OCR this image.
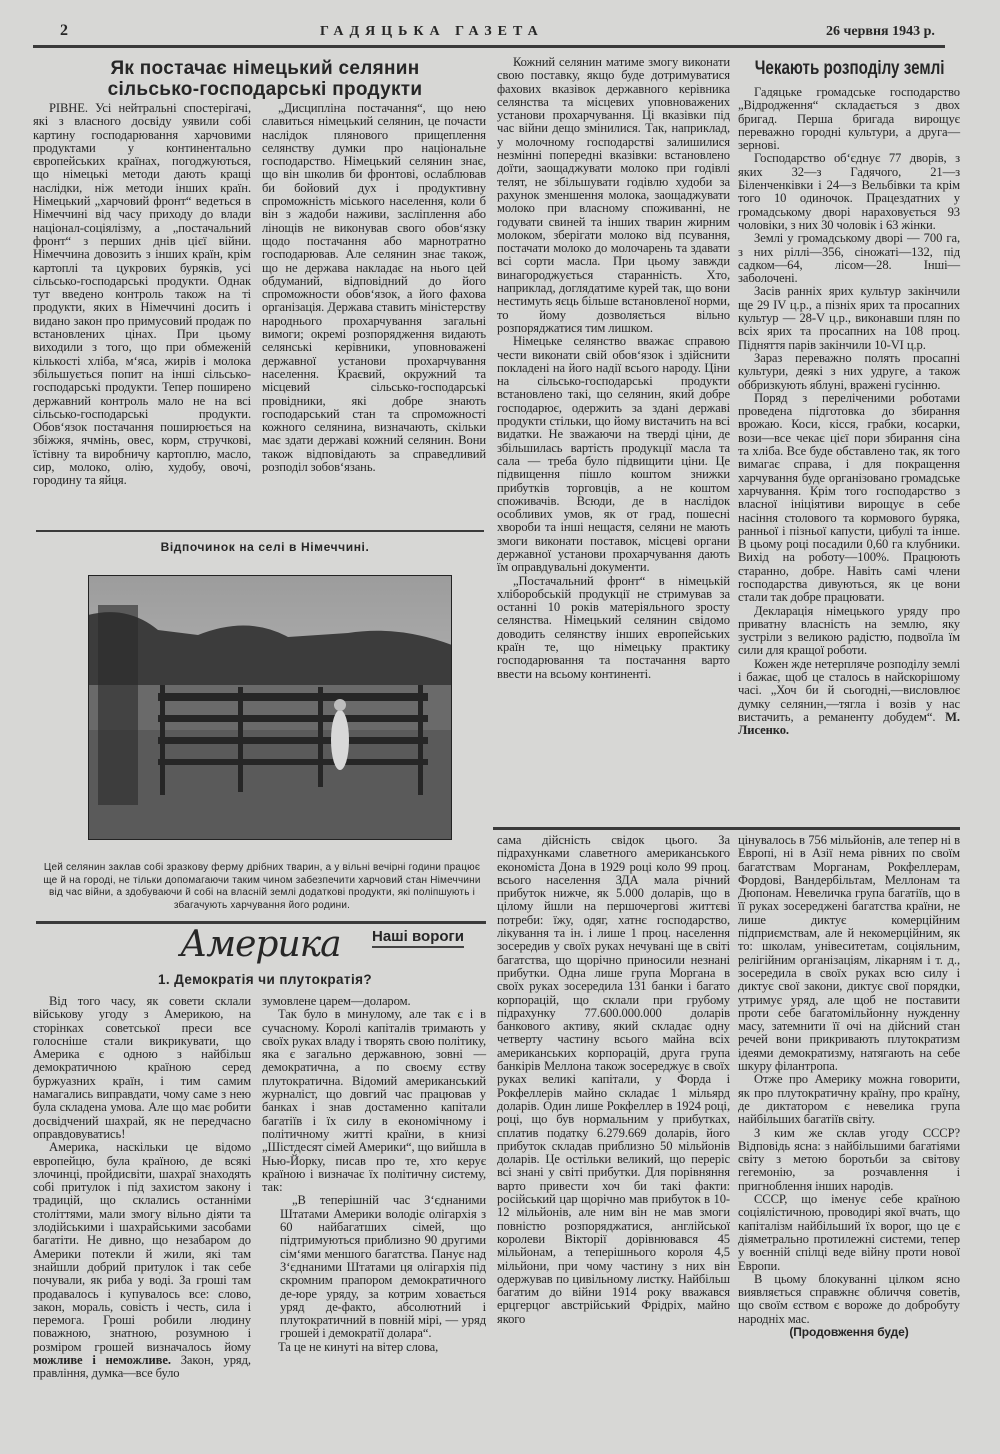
2	ГАДЯЦЬКА ГАЗЕТА	26 червня 1943 р.
Як постачає німецький селянин
сільсько-господарські продукти

РІВНЕ. Усі нейтральні спостерігачі, які з власного досвіду уявили собі картину господарювання харчовими продуктами у континентально європейських країнах, погоджуються, що німецькі методи дають кращі наслідки, ніж методи інших країн. Німецький „харчовий фронт“ ведеться в Німеччині від часу приходу до влади націонал-соціялізму, а „постачальний фронт“ з перших днів цієї війни. Німеччина довозить з інших країн, крім картоплі та цукрових буряків, усі сільсько-господарські продукти. Однак тут введено контроль також на ті продукти, яких в Німеччині досить і видано закон про примусовий продаж по встановлених цінах. При цьому виходили з того, що при обмеженій кількості хліба, м‘яса, жирів і молока збільшується попит на інші сільсько-господарські продукти. Тепер поширено державний контроль мало не на всі сільсько-господарські продукти. Обов‘язок постачання поширюється на збіжжя, ячмінь, овес, корм, стручкові, їстівну та виробничу картоплю, масло, сир, молоко, олію, худобу, овочі, городину та яйця.

„Дисципліна постачання“, що нею славиться німецький селянин, це почасти наслідок плянового прищеплення селянству думки про національне господарство. Німецький селянин знає, що він школив би фронтові, ослаблював би бойовий дух і продуктивну спроможність міського населення, коли б він з жадоби наживи, засліплення або лінощів не виконував свого обов‘язку щодо постачання або марнотратно господарював. Але селянин знає також, що не держава накладає на нього цей обдуманий, відповідний до його спроможности обов‘язок, а його фахова організація. Держава ставить міністерству народнього прохарчування загальні вимоги; окремі розпорядження видають селянські керівники, уповноважені державної установи прохарчування населення. Краєвий, окружний та місцевий сільсько-господарські провідники, які добре знають господарський стан та спроможності кожного селянина, визначають, скільки має здати державі кожний селянин. Вони також відповідають за справедливий розподіл зобов‘язань.

Кожний селянин матиме змогу виконати свою поставку, якщо буде дотримуватися фахових вказівок державного керівника селянства та місцевих уповноважених установи прохарчування. Ці вказівки під час війни дещо змінилися. Так, наприклад, у молочному господарстві залишилися незмінні попередні вказівки: встановлено доїти, заощаджувати молоко при годівлі телят, не збільшувати годівлю худоби за рахунок зменшення молока, заощаджувати молоко при власному споживанні, не годувати свиней та інших тварин жирним молоком, зберігати молоко від псування, постачати молоко до молочарень та здавати всі сорти масла. При цьому завжди винагороджується старанність. Хто, наприклад, доглядатиме курей так, що вони нестимуть яєць більше встановленої норми, то йому дозволяється вільно розпоряджатися тим лишком.

Німецьке селянство вважає справою чести виконати свій обов‘язок і здійснити покладені на його надії всього народу. Ціни на сільсько-господарські продукти встановлено такі, що селянин, який добре господарює, одержить за здані державі продукти стільки, що йому вистачить на всі видатки. Не зважаючи на тверді ціни, де збільшилась вартість продукції масла та сала — треба було підвищити ціни. Це підвищення пішло коштом знижки прибутків торговців, а не коштом споживачів. Всюди, де в наслідок особливих умов, як от град, пошесні хвороби та інші нещастя, селяни не мають змоги виконати поставок, місцеві органи державної установи прохарчування дають їм оправдувальні документи.

„Постачальний фронт“ в німецькій хліборобській продукції не стримував за останні 10 років матеріяльного зросту селянства. Німецький селянин свідомо доводить селянству інших европейських країн те, що німецьку практику господарювання та постачання варто ввести на всьому континенті.

Відпочинок на селі в Німеччині.
Цей селянин заклав собі зразкову ферму дрібних тварин, а у вільні вечірні години працює ще й на городі, не тільки допомагаючи таким чином забезпечити харчовий стан Німеччини від час війни, а здобуваючи й собі на власній землі додаткові продукти, які поліпшують і збагачують харчування його родини.
Америка Наші вороги
1. Демократія чи плутократія?

Від того часу, як совети склали військову угоду з Америкою, на сторінках советської преси все голосніше стали викрикувати, що Америка є одною з найбільш демократичною країною серед буржуазних країн, і тим самим намагались виправдати, чому саме з нею була складена умова. Але що має робити досвідчений шахрай, як не передчасно оправдовуватись!

Америка, наскільки це відомо европейцю, була країною, де всякі злочинці, пройдисвіти, шахраї знаходять собі притулок і під захистом закону і традицій, що склались останніми століттями, мали змогу вільно діяти та злодійськими і шахрайськими засобами багатіти. Не дивно, що незабаром до Америки потекли й жили, які там знайшли добрий притулок і так себе почували, як риба у воді. За гроші там продавалось і купувалось все: слово, закон, мораль, совість і честь, сила і перемога. Гроші робили людину поважною, знатною, розумною і розміром грошей визначалось йому можливе і неможливе. Закон, уряд, правління, думка—все було

зумовлене царем—доларом.

Так було в минулому, але так є і в сучасному. Королі капіталів тримають у своїх руках владу і творять свою політику, яка є загально державною, зовні — демократична, а по своєму єству плутократична. Відомий американський журналіст, що довгий час працював у банках і знав достаменно капітали багатіїв і їх силу в економічному і політичному житті країни, в книзі „Шістдесят сімей Америки“, що вийшла в Нью-Йорку, писав про те, хто керує країною і визначає їх політичну систему, так:

„В теперішній час З‘єднаними Штатами Америки володіє олігархія з 60 найбагатших сімей, що підтримуються приблизно 90 другими сім‘ями меншого багатства. Панує над З‘єднаними Штатами ця олігархія під скромним прапором демократичного де-юре уряду, за котрим ховається уряд де-факто, абсолютний і плутократичний в повній мірі, — уряд грошей і демократії долара“.

Та це не кинуті на вітер слова,

сама дійсність свідок цього. За підрахунками славетного американського економіста Дона в 1929 році коло 99 проц. всього населення ЗДА мала річний прибуток нижче, як 5.000 доларів, що в цілому йшли на першочергові життєві потреби: їжу, одяг, хатнє господарство, лікування та ін. і лише 1 проц. населення зосередив у своїх руках нечувані ще в світі багатства, що щорічно приносили незнані прибутки. Одна лише група Моргана в своїх руках зосередила 131 банки і багато корпорацій, що склали при грубому підрахунку 77.600.000.000 доларів банкового активу, який складає одну четверту частину всього майна всіх американських корпорацій, друга група банкірів Меллона також зосереджує в своїх руках великі капітали, у Форда і Рокфеллерів майно складає 1 мільярд доларів. Один лише Рокфеллер в 1924 році, році, що був нормальним у прибутках, сплатив податку 6.279.669 доларів, його прибуток складав приблизно 50 мільйонів доларів. Це остільки великий, що переріс всі знані у світі прибутки. Для порівняння варто привести хоч би такі факти: російський цар щорічно мав прибуток в 10-12 мільйонів, але ним він не мав змоги повністю розпоряджатися, англійської королеви Вікторії дорівнювався 45 мільйонам, а теперішнього короля 4,5 мільйони, при чому частину з них він одержував по цивільному листку. Найбільш багатим до війни 1914 року вважався ерцгерцог австрійський Фрідріх, майно якого

цінувалось в 756 мільйонів, але тепер ні в Европі, ні в Азії нема рівних по своїм багатствам Морганам, Рокфеллерам, Фордові, Вандербільтам, Меллонам та Дюпонам. Невеличка група багатіїв, що в її руках зосереджені багатства країни, не лише диктує комерційним підприємствам, але й некомерційним, як то: школам, унівеситетам, соціяльним, релігійним організаціям, лікарням і т. д., зосередила в своїх руках всю силу і диктує свої закони, диктує свої порядки, утримує уряд, але щоб не поставити проти себе багатомільйонну нужденну масу, затемнити її очі на дійсний стан речей вони прикривають плутократизм ідеями демократизму, натягають на себе шкуру філантропа.

Отже про Америку можна говорити, як про плутократичну країну, про країну, де диктатором є невелика група найбільших багатіїв світу.

З ким же склав угоду СССР? Відповідь ясна: з найбільшими багатіями світу з метою боротьби за світову гегемонію, за розчавлення і пригноблення інших народів.

СССР, що іменує себе країною соціялістичною, проводирі якої вчать, що капіталізм найбільший їх ворог, що це є діяметрально протилежні системи, тепер у воєнній спілці веде війну проти нової Европи.

В цьому блокуванні цілком ясно виявляється справжнє обличчя советів, що своїм єством є вороже до добробуту народніх мас.

(Продовження буде)

Чекають розподілу землі

Гадяцьке громадське господарство „Відродження“ складається з двох бригад. Перша бригада вирощує переважно городні культури, а друга—зернові.

Господарство об‘єднує 77 дворів, з яких 32—з Гадячого, 21—з Біленченківки і 24—з Вельбівки та крім того 10 одиночок. Працездатних у громадському дворі нараховується 93 чоловіки, з них 30 чоловік і 63 жінки.

Землі у громадському дворі — 700 га, з них ріллі—356, сіножаті—132, під садком—64, лісом—28. Інші—заболочені.

Засів ранніх ярих культур закінчили ще 29 IV ц.р., а пізніх ярих та просапних культур — 28-V ц.р., виконавши плян по всіх ярих та просапних на 108 проц. Підняття парів закінчили 10-VI ц.р.

Зараз переважно полять просапні культури, деякі з них удруге, а також оббризкують яблуні, вражені гусінню.

Поряд з переліченими роботами проведена підготовка до збирання врожаю. Коси, кісся, грабки, косарки, вози—все чекає цієї пори збирання сіна та хліба. Все буде обставлено так, як того вимагає справа, і для покращення харчування буде організовано громадське харчування. Крім того господарство з власної ініціятиви вирощує в себе насіння столового та кормового буряка, ранньої і пізньої капусти, цибулі та інше. В цьому році посадили 0,60 га клубники. Вихід на роботу—100%. Працюють старанно, добре. Навіть самі члени господарства дивуються, як це вони стали так добре працювати.

Декларація німецького уряду про приватну власність на землю, яку зустріли з великою радістю, подвоїла їм сили для кращої роботи.

Кожен жде нетерпляче розподілу землі і бажає, щоб це сталось в найскорішому часі. „Хоч би й сьогодні,—висловлює думку селянин,—тягла і возів у нас вистачить, а реманенту добудем“. М. Лисенко.
